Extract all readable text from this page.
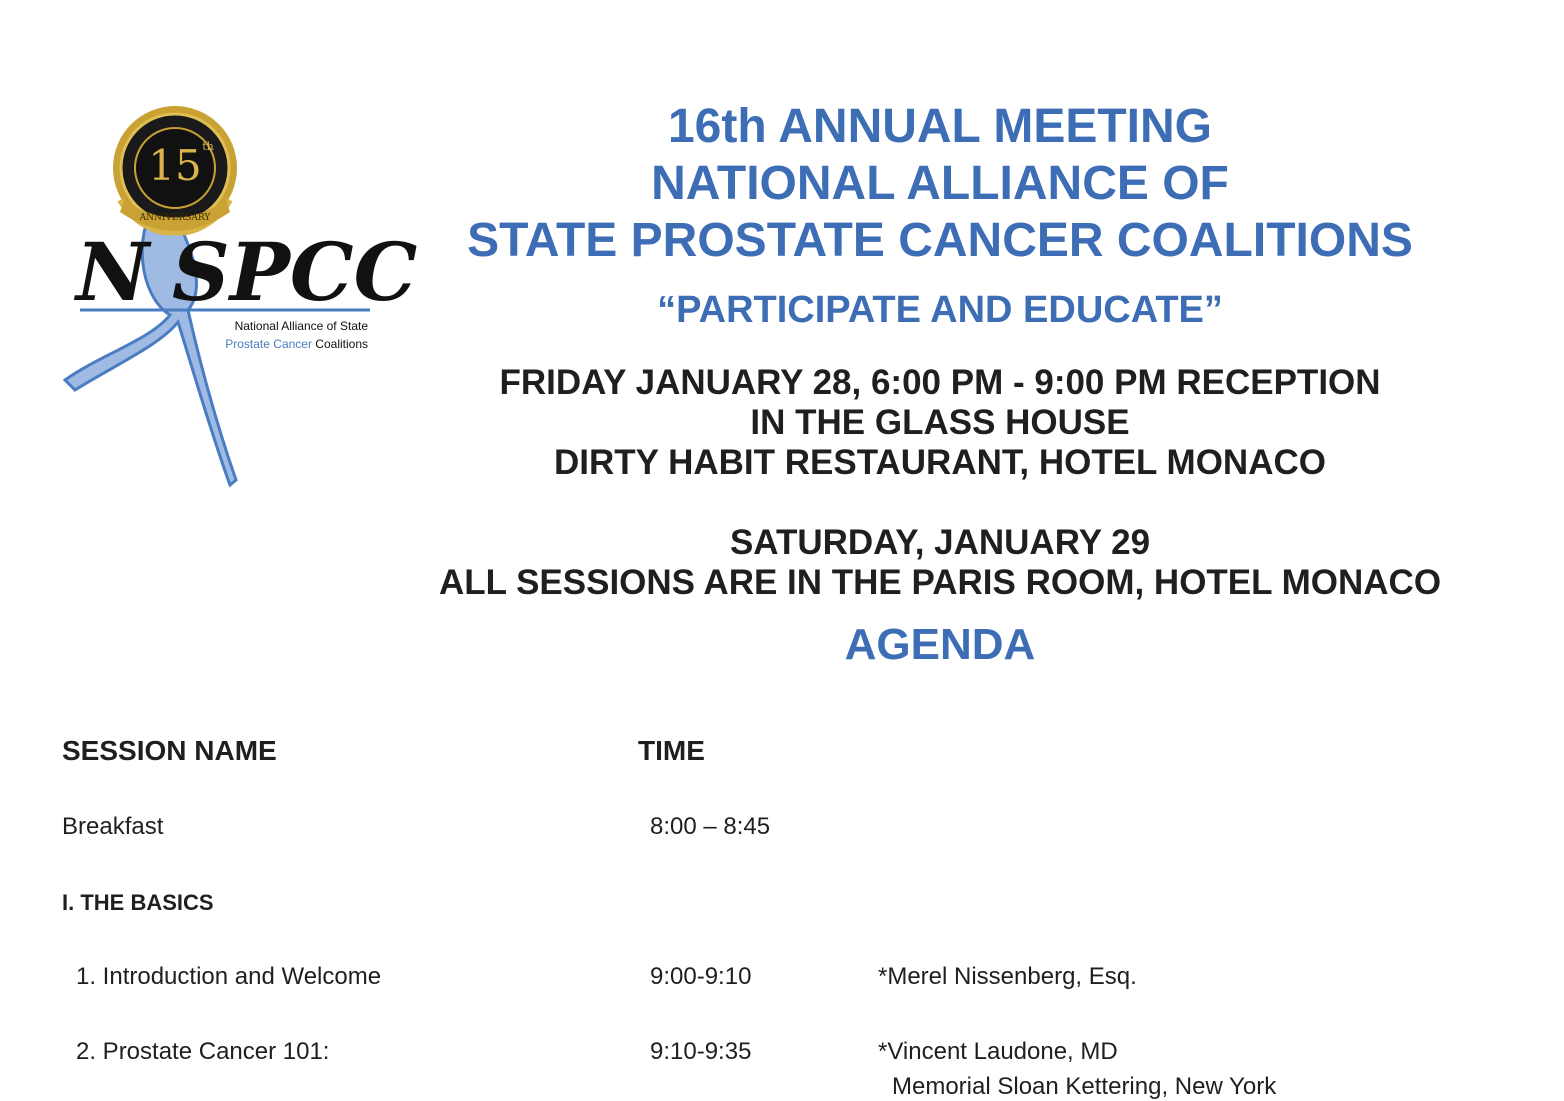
15 th
ANNIVERSARY
N SPCC
National Alliance of State
Prostate Cancer Coalitions
16th ANNUAL MEETING
NATIONAL ALLIANCE OF
STATE PROSTATE CANCER COALITIONS
“PARTICIPATE AND EDUCATE”
FRIDAY JANUARY 28, 6:00 PM - 9:00 PM RECEPTION
IN THE GLASS HOUSE
DIRTY HABIT RESTAURANT, HOTEL MONACO
SATURDAY, JANUARY 29
ALL SESSIONS ARE IN THE PARIS ROOM, HOTEL MONACO
AGENDA
SESSION NAME	TIME
Breakfast	8:00 – 8:45
I. THE BASICS
1. Introduction and Welcome	9:00-9:10	*Merel Nissenberg, Esq.
2. Prostate Cancer 101:	9:10-9:35	*Vincent Laudone, MD
Memorial Sloan Kettering, New York
